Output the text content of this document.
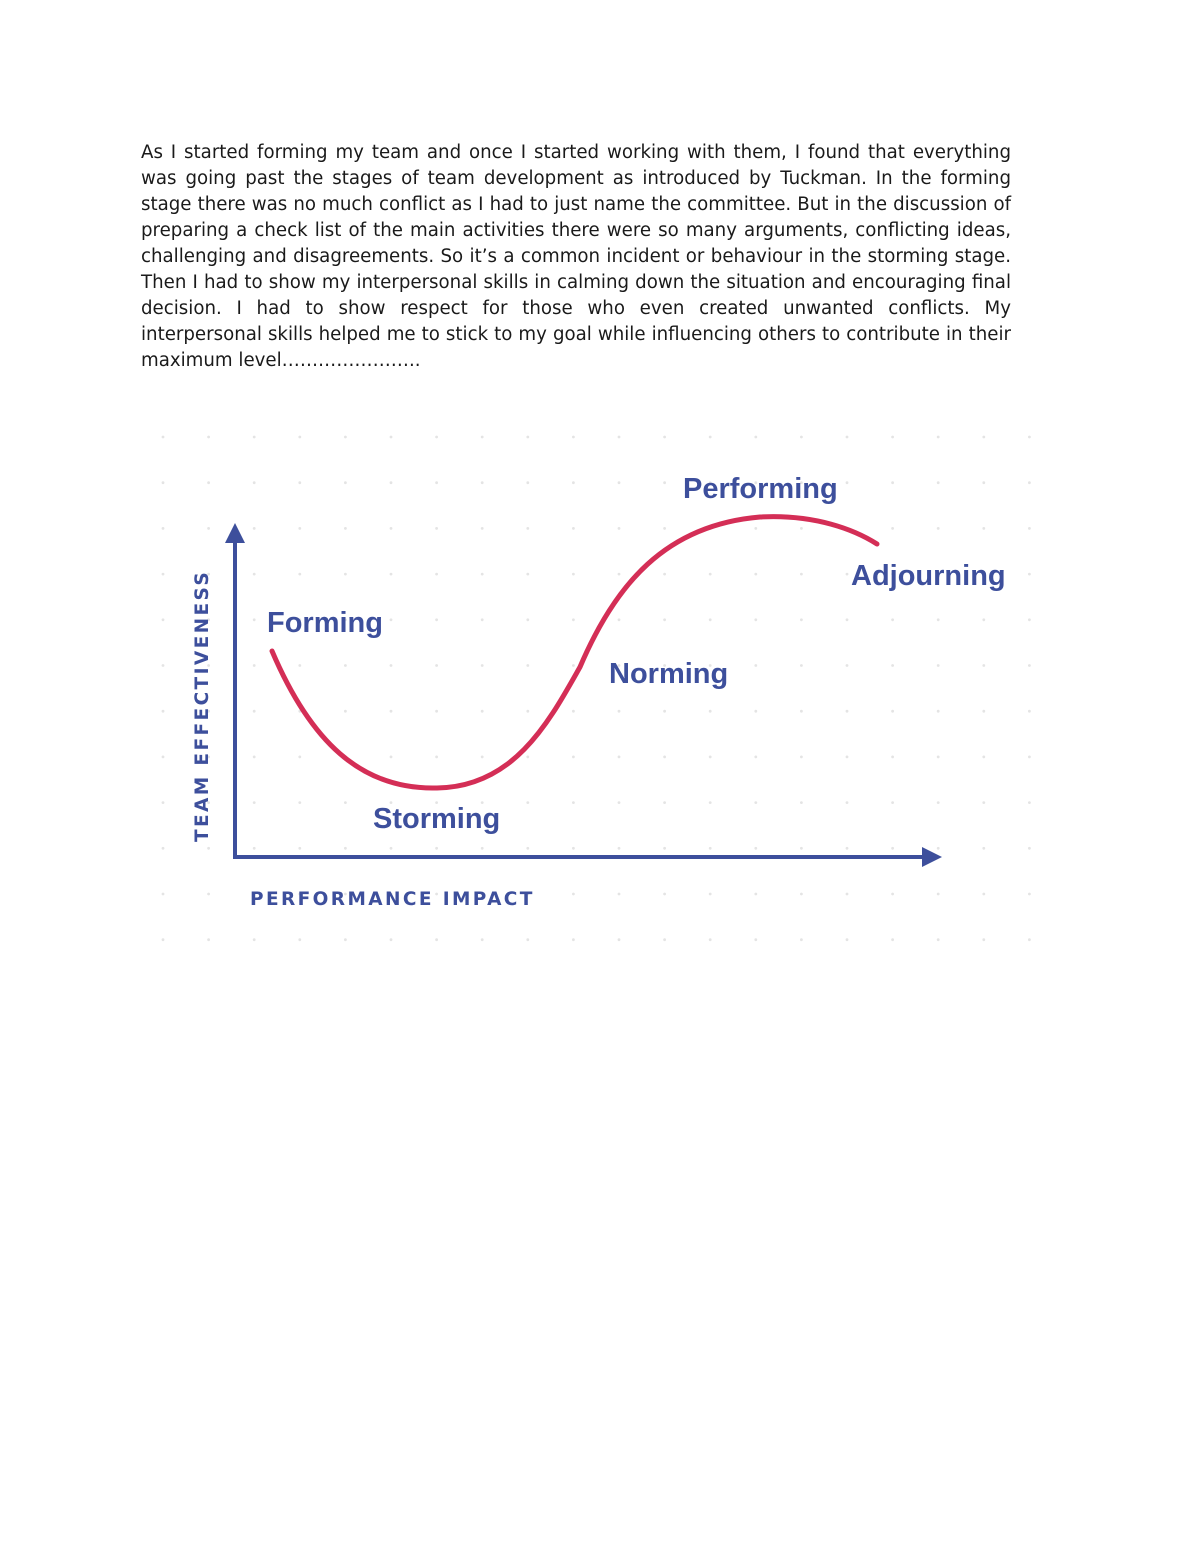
As I started forming my team and once I started working with them, I found that everything was going past the stages of team development as introduced by Tuckman. In the forming stage there was no much conflict as I had to just name the committee. But in the discussion of preparing a check list of the main activities there were so many arguments, conflicting ideas, challenging and disagreements. So it’s a common incident or behaviour in the storming stage. Then I had to show my interpersonal skills in calming down the situation and encouraging final decision. I had to show respect for those who even created unwanted conflicts. My interpersonal skills helped me to stick to my goal while influencing others to contribute in their maximum level…………………..

Forming
Storming
Norming
Performing
Adjourning
TEAM EFFECTIVENESS
PERFORMANCE IMPACT
